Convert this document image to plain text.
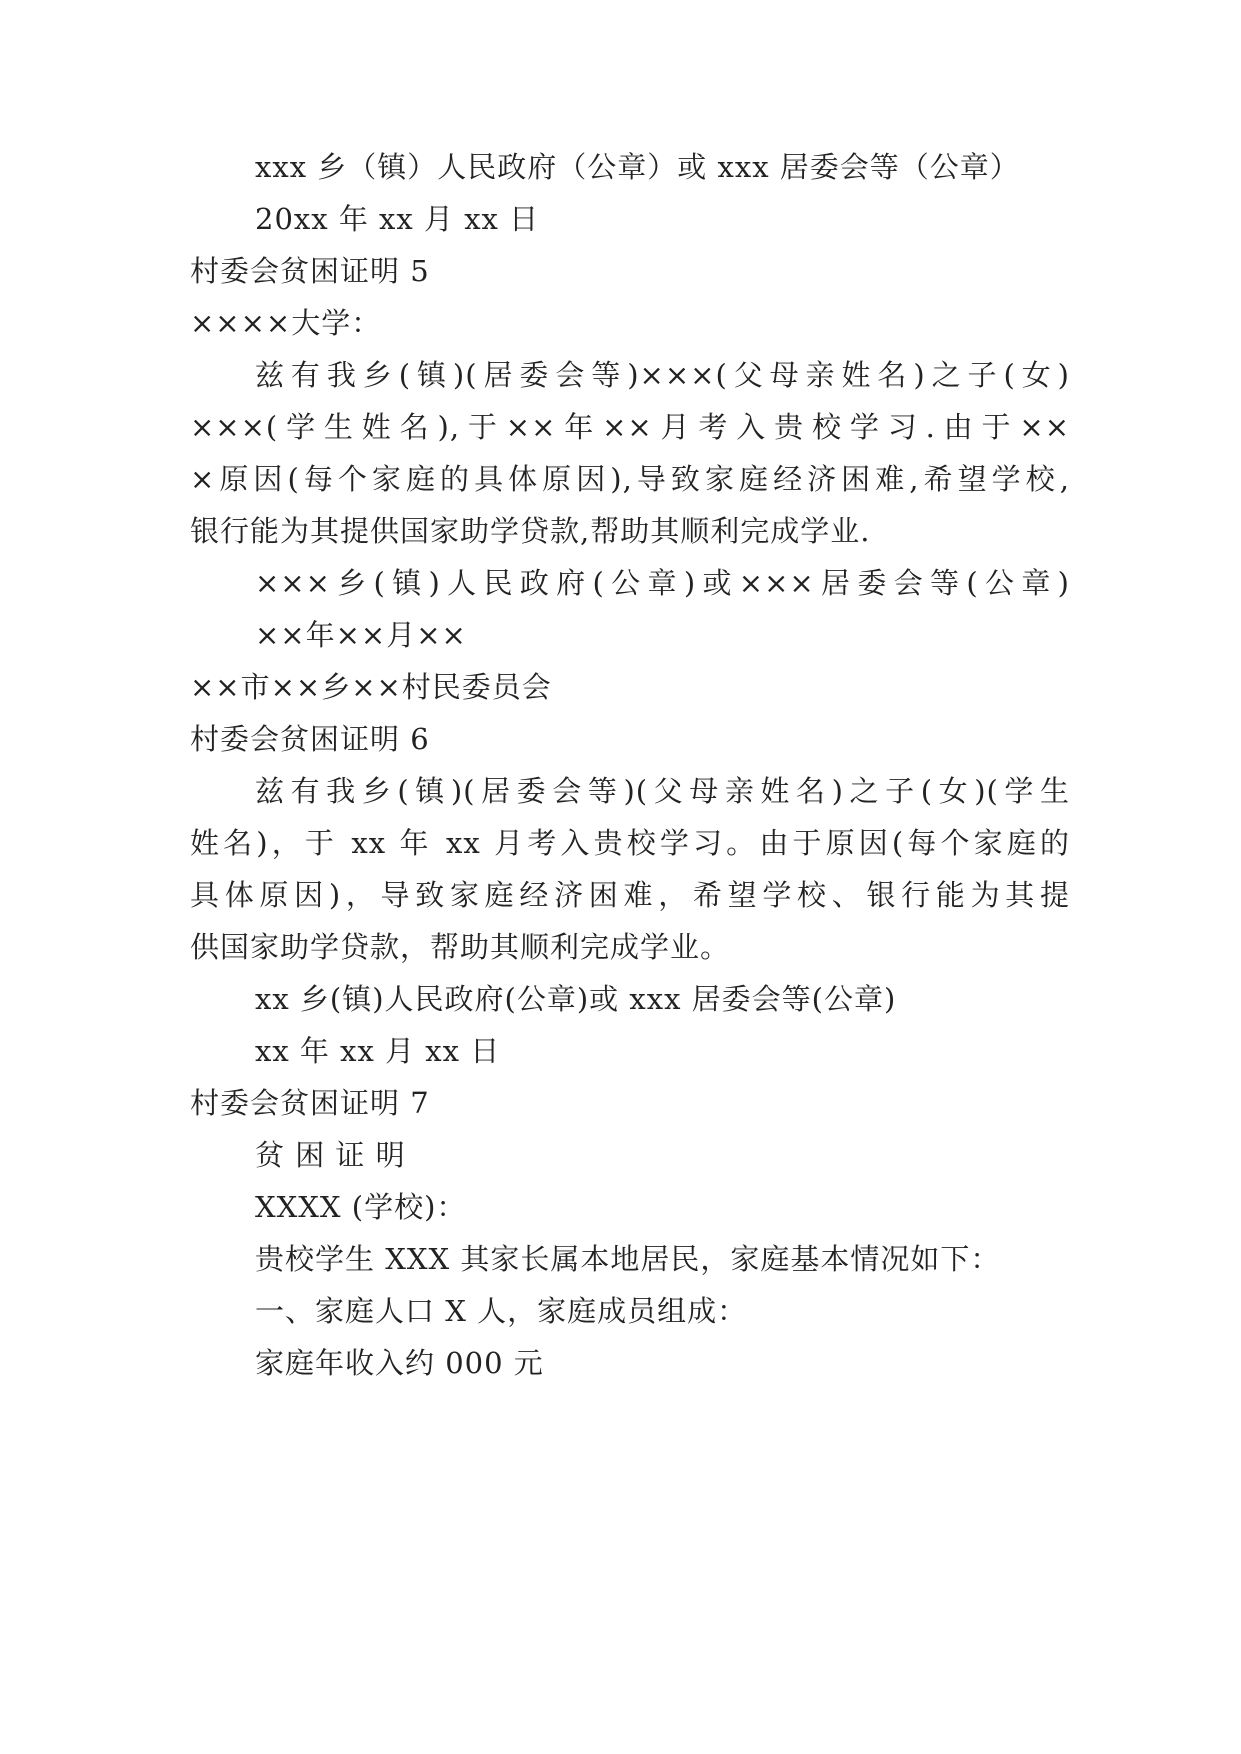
xxx 乡（镇）人民政府（公章）或 xxx 居委会等（公章）
20xx 年 xx 月 xx 日
村委会贫困证明 5
××××大学：
兹有我乡(镇)(居委会等)×××(父母亲姓名)之子(女)
×××(学生姓名),于××年××月考入贵校学习.由于××
×原因(每个家庭的具体原因),导致家庭经济困难,希望学校,
银行能为其提供国家助学贷款,帮助其顺利完成学业.
×××乡(镇)人民政府(公章)或×××居委会等(公章)
××年××月××
××市××乡××村民委员会
村委会贫困证明 6
兹有我乡(镇)(居委会等)(父母亲姓名)之子(女)(学生
姓名)，于 xx 年 xx 月考入贵校学习。由于原因(每个家庭的
具体原因)，导致家庭经济困难，希望学校、银行能为其提
供国家助学贷款，帮助其顺利完成学业。
xx 乡(镇)人民政府(公章)或 xxx 居委会等(公章)
xx 年 xx 月 xx 日
村委会贫困证明 7
贫 困 证 明
XXXX (学校)：
贵校学生 XXX 其家长属本地居民，家庭基本情况如下：
一、家庭人口 X 人，家庭成员组成：
家庭年收入约 000 元
